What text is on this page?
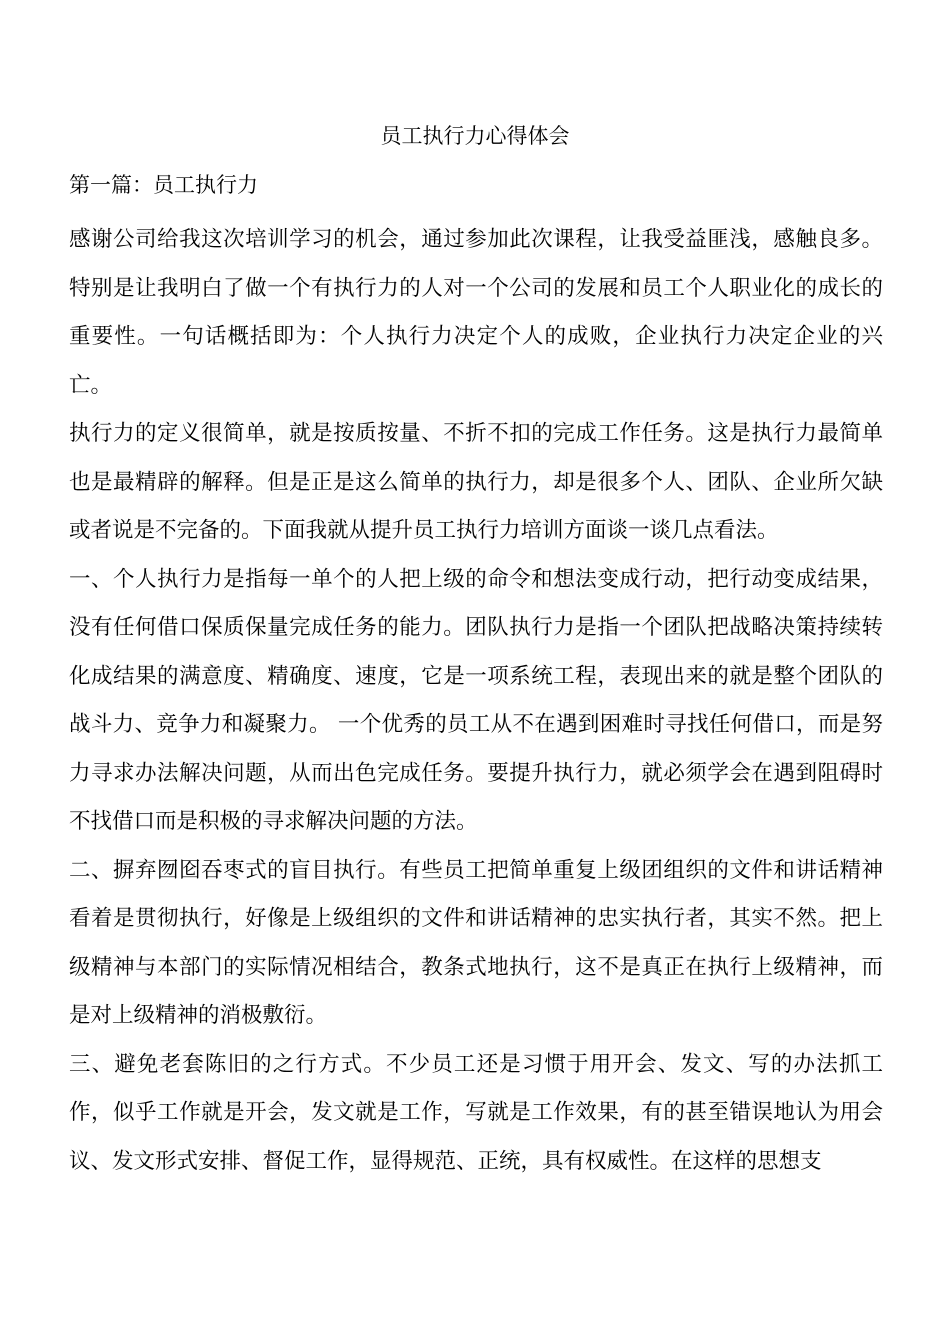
员工执行力心得体会

第一篇：员工执行力

感谢公司给我这次培训学习的机会，通过参加此次课程，让我受益匪浅，感触良多。特别是让我明白了做一个有执行力的人对一个公司的发展和员工个人职业化的成长的重要性。一句话概括即为：个人执行力决定个人的成败，企业执行力决定企业的兴亡。

执行力的定义很简单，就是按质按量、不折不扣的完成工作任务。这是执行力最简单也是最精辟的解释。但是正是这么简单的执行力，却是很多个人、团队、企业所欠缺或者说是不完备的。下面我就从提升员工执行力培训方面谈一谈几点看法。

一、个人执行力是指每一单个的人把上级的命令和想法变成行动，把行动变成结果，没有任何借口保质保量完成任务的能力。团队执行力是指一个团队把战略决策持续转化成结果的满意度、精确度、速度，它是一项系统工程，表现出来的就是整个团队的战斗力、竞争力和凝聚力。 一个优秀的员工从不在遇到困难时寻找任何借口，而是努力寻求办法解决问题，从而出色完成任务。要提升执行力，就必须学会在遇到阻碍时不找借口而是积极的寻求解决问题的方法。

二、摒弃囫囵吞枣式的盲目执行。有些员工把简单重复上级团组织的文件和讲话精神看着是贯彻执行，好像是上级组织的文件和讲话精神的忠实执行者，其实不然。把上级精神与本部门的实际情况相结合，教条式地执行，这不是真正在执行上级精神，而是对上级精神的消极敷衍。

三、避免老套陈旧的之行方式。不少员工还是习惯于用开会、发文、写的办法抓工作，似乎工作就是开会，发文就是工作，写就是工作效果，有的甚至错误地认为用会议、发文形式安排、督促工作，显得规范、正统，具有权威性。在这样的思想支
